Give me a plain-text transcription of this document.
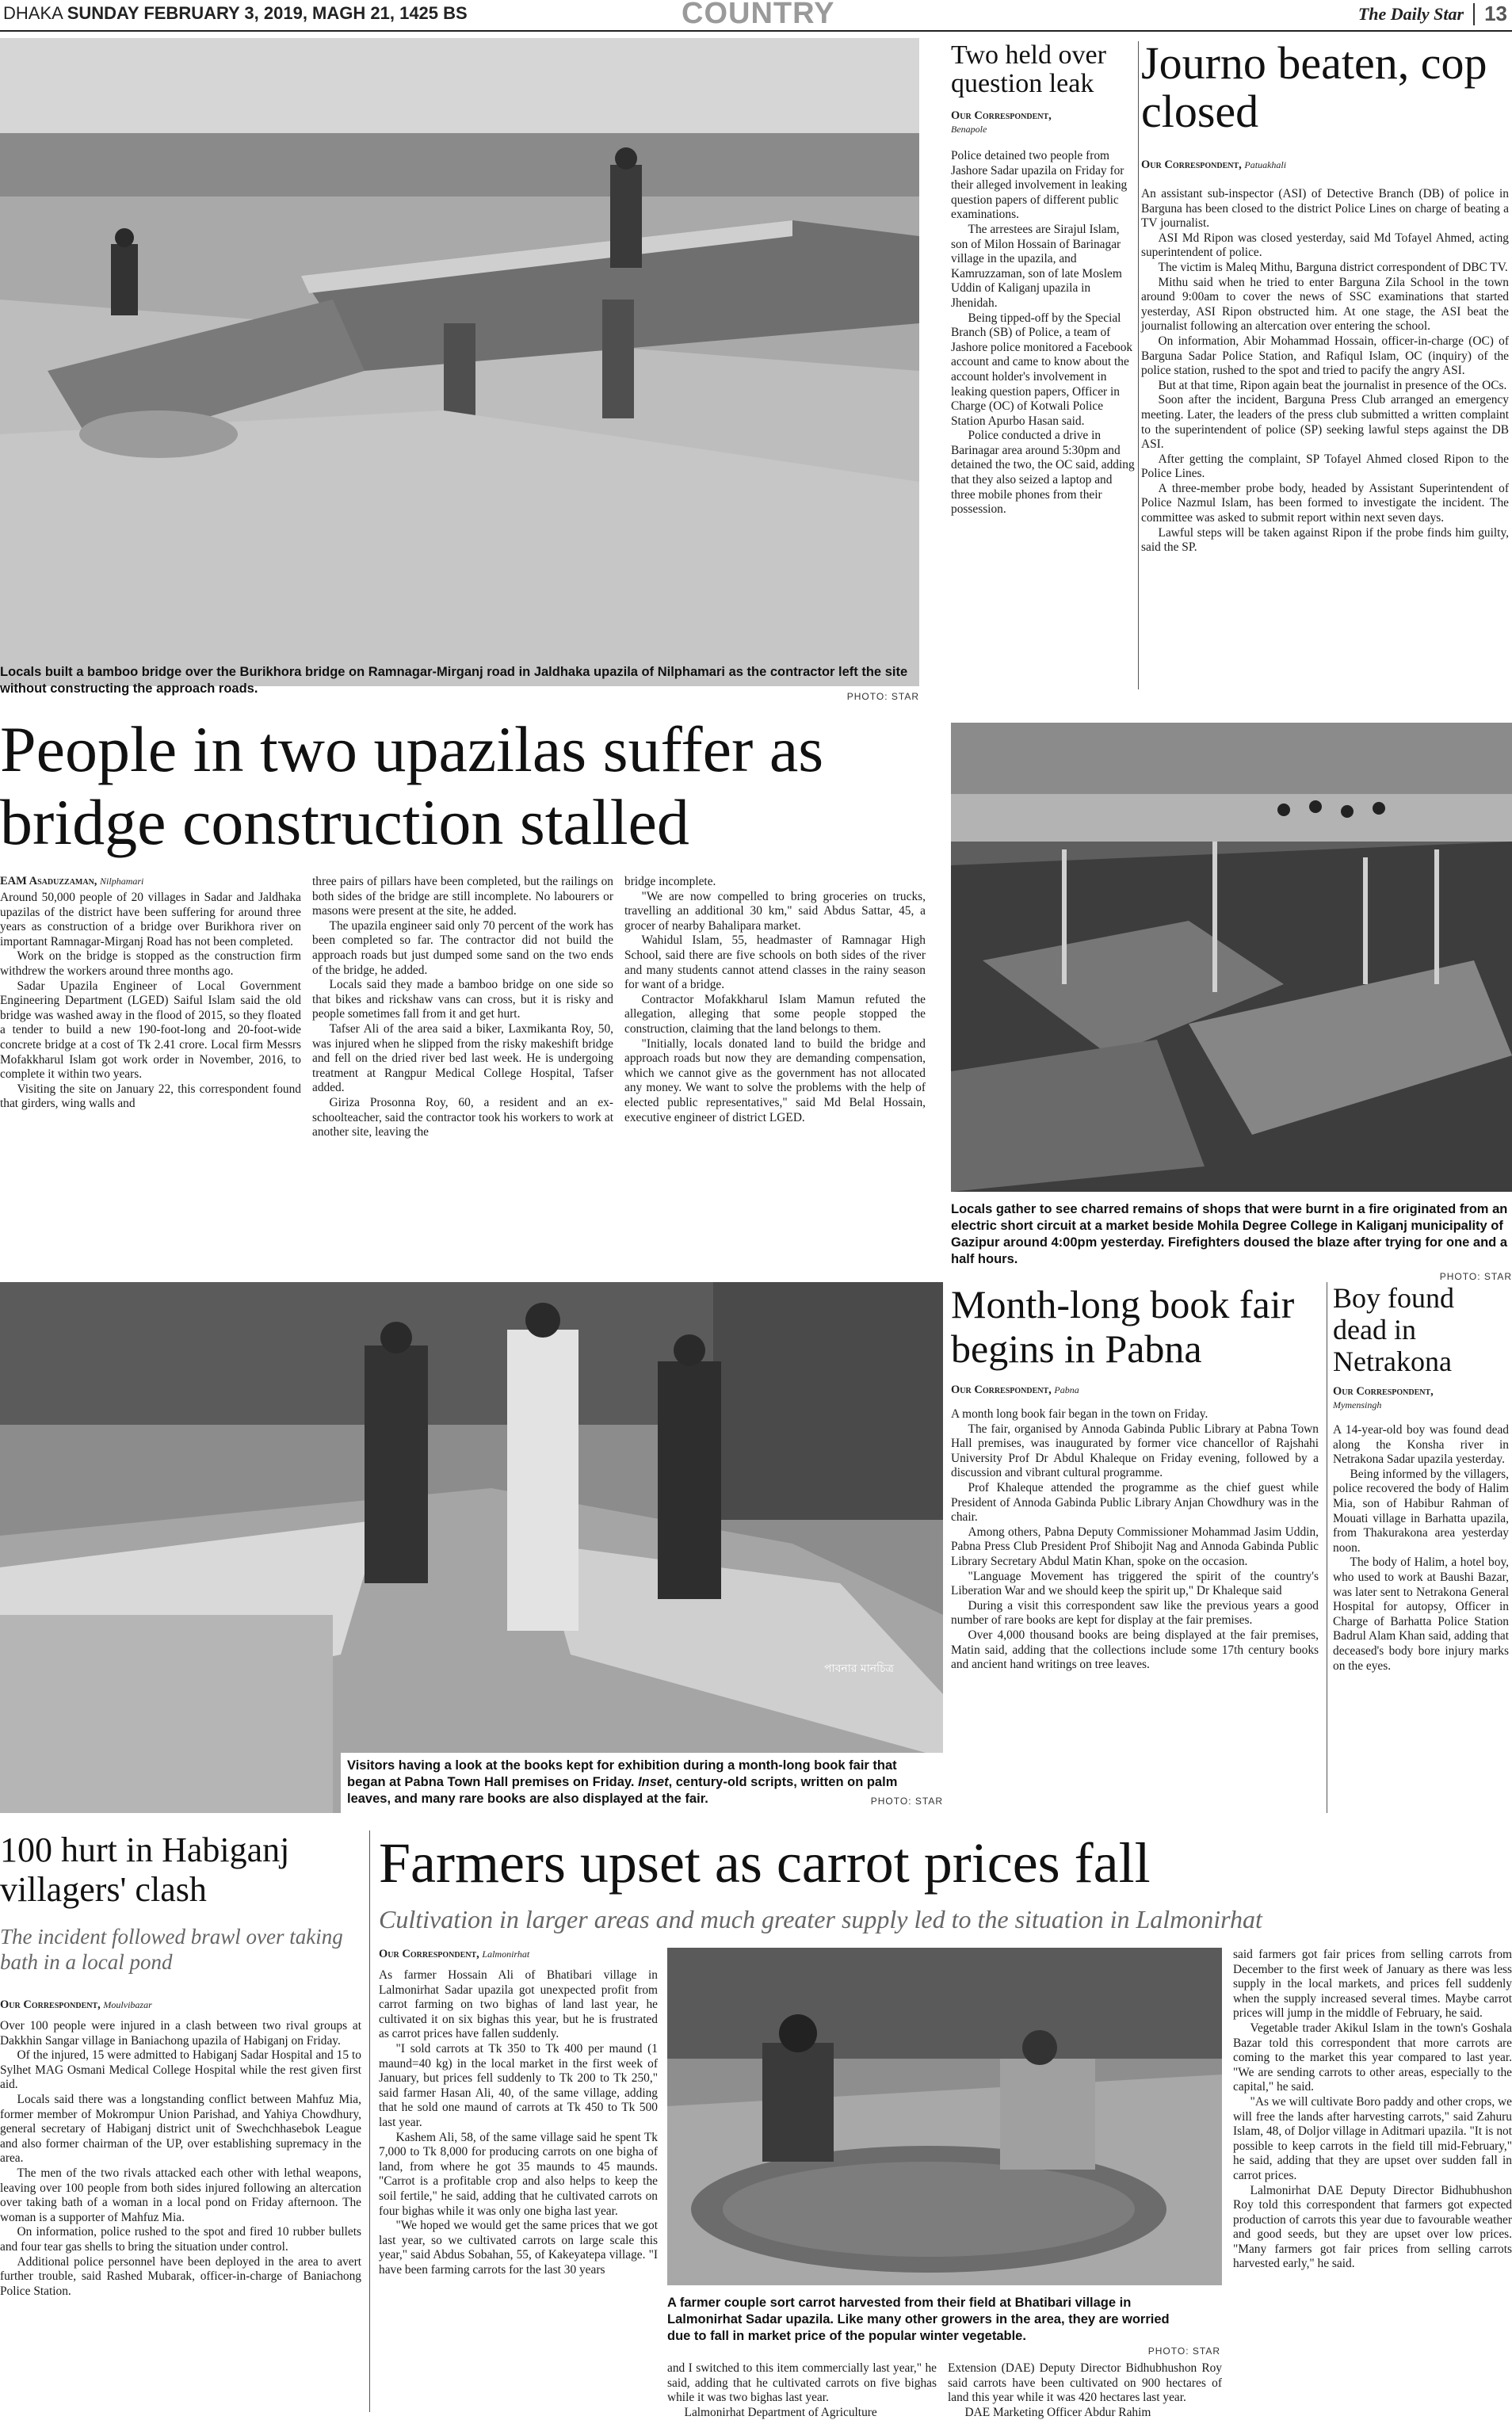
DHAKA SUNDAY FEBRUARY 3, 2019, MAGH 21, 1425 BS	COUNTRY	The Daily Star 13
Locals built a bamboo bridge over the Burikhora bridge on Ramnagar-Mirganj road in Jaldhaka upazila of Nilphamari as the contractor left the site without constructing the approach roads.
PHOTO: STAR
Two held over question leak
Our Correspondent,
Benapole

Police detained two people from Jashore Sadar upazila on Friday for their alleged involvement in leaking question papers of different public examinations.

The arrestees are Sirajul Islam, son of Milon Hossain of Barinagar village in the upazila, and Kamruzzaman, son of late Moslem Uddin of Kaliganj upazila in Jhenidah.

Being tipped-off by the Special Branch (SB) of Police, a team of Jashore police monitored a Facebook account and came to know about the account holder's involvement in leaking question papers, Officer in Charge (OC) of Kotwali Police Station Apurbo Hasan said.

Police conducted a drive in Barinagar area around 5:30pm and detained the two, the OC said, adding that they also seized a laptop and three mobile phones from their possession.

Journo beaten, cop closed
Our Correspondent, Patuakhali

An assistant sub-inspector (ASI) of Detective Branch (DB) of police in Barguna has been closed to the district Police Lines on charge of beating a TV journalist.

ASI Md Ripon was closed yesterday, said Md Tofayel Ahmed, acting superintendent of police.

The victim is Maleq Mithu, Barguna district correspondent of DBC TV.

Mithu said when he tried to enter Barguna Zila School in the town around 9:00am to cover the news of SSC examinations that started yesterday, ASI Ripon obstructed him. At one stage, the ASI beat the journalist following an altercation over entering the school.

On information, Abir Mohammad Hossain, officer-in-charge (OC) of Barguna Sadar Police Station, and Rafiqul Islam, OC (inquiry) of the police station, rushed to the spot and tried to pacify the angry ASI.

But at that time, Ripon again beat the journalist in presence of the OCs.

Soon after the incident, Barguna Press Club arranged an emergency meeting. Later, the leaders of the press club submitted a written complaint to the superintendent of police (SP) seeking lawful steps against the DB ASI.

After getting the complaint, SP Tofayel Ahmed closed Ripon to the Police Lines.

A three-member probe body, headed by Assistant Superintendent of Police Nazmul Islam, has been formed to investigate the incident. The committee was asked to submit report within next seven days.

Lawful steps will be taken against Ripon if the probe finds him guilty, said the SP.

People in two upazilas suffer as bridge construction stalled
EAM Asaduzzaman, Nilphamari

Around 50,000 people of 20 villages in Sadar and Jaldhaka upazilas of the district have been suffering for around three years as construction of a bridge over Burikhora river on important Ramnagar-Mirganj Road has not been completed.

Work on the bridge is stopped as the construction firm withdrew the workers around three months ago.

Sadar Upazila Engineer of Local Government Engineering Department (LGED) Saiful Islam said the old bridge was washed away in the flood of 2015, so they floated a tender to build a new 190-foot-long and 20-foot-wide concrete bridge at a cost of Tk 2.41 crore. Local firm Messrs Mofakkharul Islam got work order in November, 2016, to complete it within two years.

Visiting the site on January 22, this correspondent found that girders, wing walls and

three pairs of pillars have been completed, but the railings on both sides of the bridge are still incomplete. No labourers or masons were present at the site, he added.

The upazila engineer said only 70 percent of the work has been completed so far. The contractor did not build the approach roads but just dumped some sand on the two ends of the bridge, he added.

Locals said they made a bamboo bridge on one side so that bikes and rickshaw vans can cross, but it is risky and people sometimes fall from it and get hurt.

Tafser Ali of the area said a biker, Laxmikanta Roy, 50, was injured when he slipped from the risky makeshift bridge and fell on the dried river bed last week. He is undergoing treatment at Rangpur Medical College Hospital, Tafser added.

Giriza Prosonna Roy, 60, a resident and an ex-schoolteacher, said the contractor took his workers to work at another site, leaving the

bridge incomplete.

"We are now compelled to bring groceries on trucks, travelling an additional 30 km," said Abdus Sattar, 45, a grocer of nearby Bahalipara market.

Wahidul Islam, 55, headmaster of Ramnagar High School, said there are five schools on both sides of the river and many students cannot attend classes in the rainy season for want of a bridge.

Contractor Mofakkharul Islam Mamun refuted the allegation, alleging that some people stopped the construction, claiming that the land belongs to them.

"Initially, locals donated land to build the bridge and approach roads but now they are demanding compensation, which we cannot give as the government has not allocated any money. We want to solve the problems with the help of elected public representatives," said Md Belal Hossain, executive engineer of district LGED.

Locals gather to see charred remains of shops that were burnt in a fire originated from an electric short circuit at a market beside Mohila Degree College in Kaliganj municipality of Gazipur around 4:00pm yesterday. Firefighters doused the blaze after trying for one and a half hours.
PHOTO: STAR
পাবনার মানচিত্র
Visitors having a look at the books kept for exhibition during a month-long book fair that began at Pabna Town Hall premises on Friday. Inset, century-old scripts, written on palm leaves, and many rare books are also displayed at the fair.	PHOTO: STAR
Month-long book fair begins in Pabna
Our Correspondent, Pabna

A month long book fair began in the town on Friday.

The fair, organised by Annoda Gabinda Public Library at Pabna Town Hall premises, was inaugurated by former vice chancellor of Rajshahi University Prof Dr Abdul Khaleque on Friday evening, followed by a discussion and vibrant cultural programme.

Prof Khaleque attended the programme as the chief guest while President of Annoda Gabinda Public Library Anjan Chowdhury was in the chair.

Among others, Pabna Deputy Commissioner Mohammad Jasim Uddin, Pabna Press Club President Prof Shibojit Nag and Annoda Gabinda Public Library Secretary Abdul Matin Khan, spoke on the occasion.

"Language Movement has triggered the spirit of the country's Liberation War and we should keep the spirit up," Dr Khaleque said

During a visit this correspondent saw like the previous years a good number of rare books are kept for display at the fair premises.

Over 4,000 thousand books are being displayed at the fair premises, Matin said, adding that the collections include some 17th century books and ancient hand writings on tree leaves.

Boy found dead in Netrakona
Our Correspondent,
Mymensingh

A 14-year-old boy was found dead along the Konsha river in Netrakona Sadar upazila yesterday.

Being informed by the villagers, police recovered the body of Halim Mia, son of Habibur Rahman of Mouati village in Barhatta upazila, from Thakurakona area yesterday noon.

The body of Halim, a hotel boy, who used to work at Baushi Bazar, was later sent to Netrakona General Hospital for autopsy, Officer in Charge of Barhatta Police Station Badrul Alam Khan said, adding that deceased's body bore injury marks on the eyes.

100 hurt in Habiganj villagers' clash
The incident followed brawl over taking bath in a local pond
Our Correspondent, Moulvibazar

Over 100 people were injured in a clash between two rival groups at Dakkhin Sangar village in Baniachong upazila of Habiganj on Friday.

Of the injured, 15 were admitted to Habiganj Sadar Hospital and 15 to Sylhet MAG Osmani Medical College Hospital while the rest given first aid.

Locals said there was a longstanding conflict between Mahfuz Mia, former member of Mokrompur Union Parishad, and Yahiya Chowdhury, general secretary of Habiganj district unit of Swechchhasebok League and also former chairman of the UP, over establishing supremacy in the area.

The men of the two rivals attacked each other with lethal weapons, leaving over 100 people from both sides injured following an altercation over taking bath of a woman in a local pond on Friday afternoon. The woman is a supporter of Mahfuz Mia.

On information, police rushed to the spot and fired 10 rubber bullets and four tear gas shells to bring the situation under control.

Additional police personnel have been deployed in the area to avert further trouble, said Rashed Mubarak, officer-in-charge of Baniachong Police Station.

Farmers upset as carrot prices fall
Cultivation in larger areas and much greater supply led to the situation in Lalmonirhat
Our Correspondent, Lalmonirhat

As farmer Hossain Ali of Bhatibari village in Lalmonirhat Sadar upazila got unexpected profit from carrot farming on two bighas of land last year, he cultivated it on six bighas this year, but he is frustrated as carrot prices have fallen suddenly.

"I sold carrots at Tk 350 to Tk 400 per maund (1 maund=40 kg) in the local market in the first week of January, but prices fell suddenly to Tk 200 to Tk 250," said farmer Hasan Ali, 40, of the same village, adding that he sold one maund of carrots at Tk 450 to Tk 500 last year.

Kashem Ali, 58, of the same village said he spent Tk 7,000 to Tk 8,000 for producing carrots on one bigha of land, from where he got 35 maunds to 45 maunds. "Carrot is a profitable crop and also helps to keep the soil fertile," he said, adding that he cultivated carrots on four bighas while it was only one bigha last year.

"We hoped we would get the same prices that we got last year, so we cultivated carrots on large scale this year," said Abdus Sobahan, 55, of Kakeyatepa village. "I have been farming carrots for the last 30 years

A farmer couple sort carrot harvested from their field at Bhatibari village in Lalmonirhat Sadar upazila. Like many other growers in the area, they are worried due to fall in market price of the popular winter vegetable.
PHOTO: STAR

and I switched to this item commercially last year," he said, adding that he cultivated carrots on five bighas while it was two bighas last year.

Lalmonirhat Department of Agriculture

Extension (DAE) Deputy Director Bidhubhushon Roy said carrots have been cultivated on 900 hectares of land this year while it was 420 hectares last year.

DAE Marketing Officer Abdur Rahim

said farmers got fair prices from selling carrots from December to the first week of January as there was less supply in the local markets, and prices fell suddenly when the supply increased several times. Maybe carrot prices will jump in the middle of February, he said.

Vegetable trader Akikul Islam in the town's Goshala Bazar told this correspondent that more carrots are coming to the market this year compared to last year. "We are sending carrots to other areas, especially to the capital," he said.

"As we will cultivate Boro paddy and other crops, we will free the lands after harvesting carrots," said Zahuru Islam, 48, of Doljor village in Aditmari upazila. "It is not possible to keep carrots in the field till mid-February," he said, adding that they are upset over sudden fall in carrot prices.

Lalmonirhat DAE Deputy Director Bidhubhushon Roy told this correspondent that farmers got expected production of carrots this year due to favourable weather and good seeds, but they are upset over low prices. "Many farmers got fair prices from selling carrots harvested early," he said.
